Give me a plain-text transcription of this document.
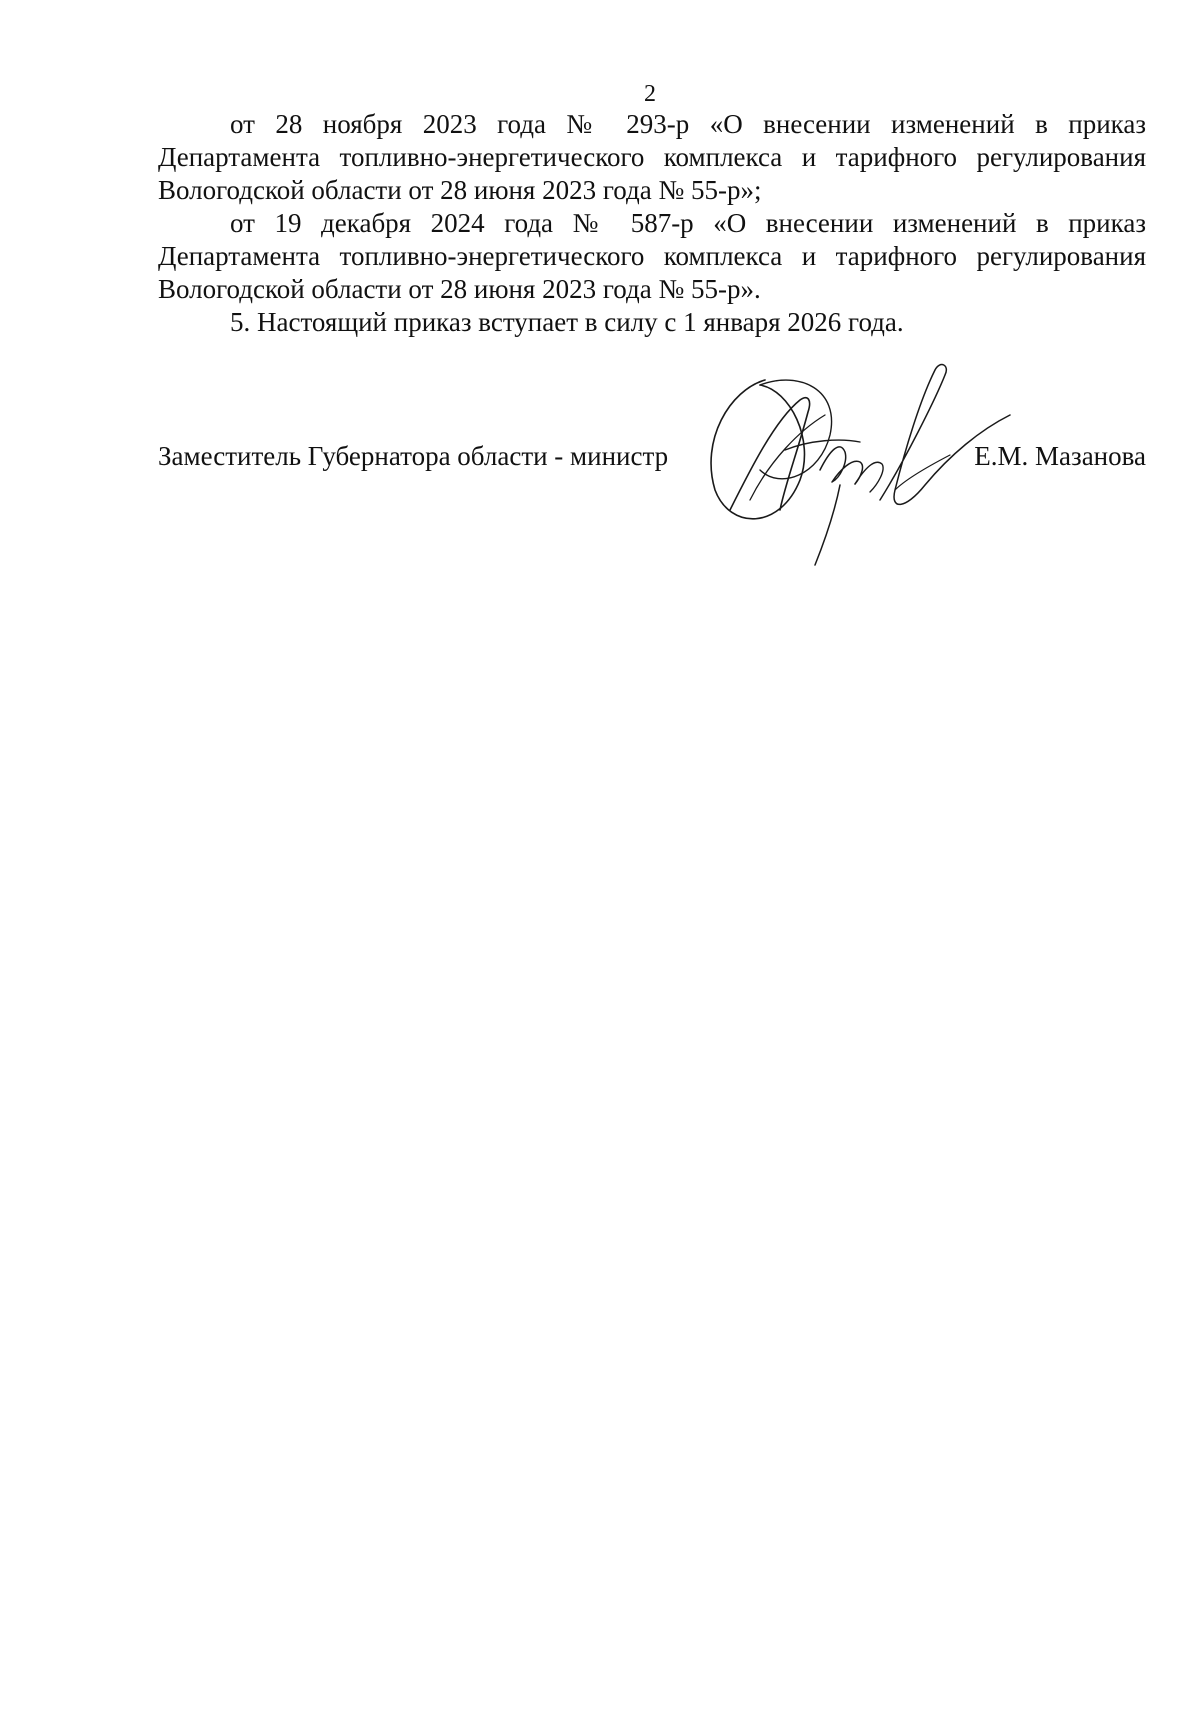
2

от 28 ноября 2023 года № 293-р «О внесении изменений в приказ Департамента топливно-энергетического комплекса и тарифного регулирования Вологодской области от 28 июня 2023 года № 55-р»;

от 19 декабря 2024 года № 587-р «О внесении изменений в приказ Департамента топливно-энергетического комплекса и тарифного регулирования Вологодской области от 28 июня 2023 года № 55-р».

5. Настоящий приказ вступает в силу с 1 января 2026 года.

Заместитель Губернатора области - министр	Е.М. Мазанова
